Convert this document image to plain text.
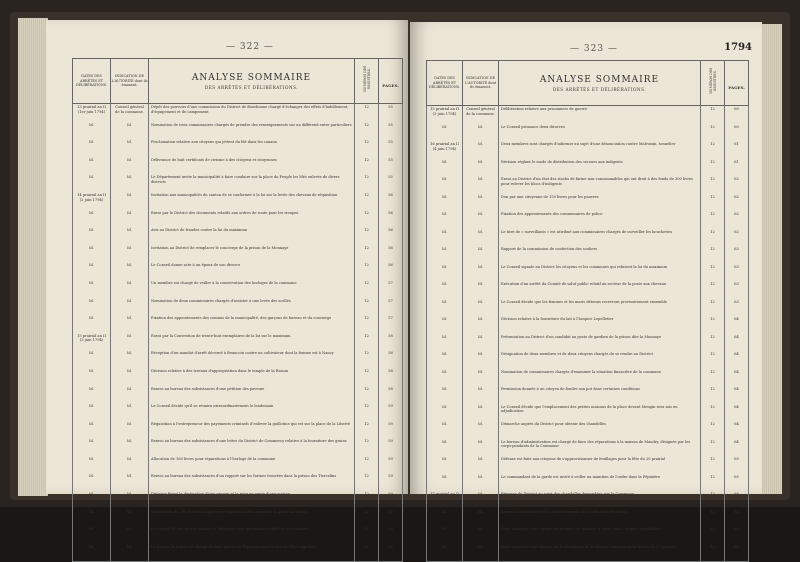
— 322 —
DATES DES ARRÊTÉS ET DÉLIBÉRATIONS.	INDICATION DE L'AUTORITÉ dont ils émanent.	ANALYSE SOMMAIRE
DES ARRÊTÉS ET DÉLIBÉRATIONS.	NUMÉROS DES REGISTRES.	PAGES.
13 prairial an II (1er juin 1794)	Conseil général de la commune.	Dépôt des pouvoirs d'une commission du District de Bourbonne chargé d'échanger des effets d'habillement, d'équipement et de campement	12	55
Id.	Id.	Nomination de trois commissaires chargés de prendre des renseignements sur un différend entre particuliers	12	55
Id.	Id.	Proclamation relative aux citoyens qui jettent du blé dans les canaux	12	55
Id.	Id.	Délivrance de huit certificats de civisme à des citoyens et citoyennes	12	55
Id.	Id.	Le Département invite la municipalité à faire conduire sur la place du Peuple les blés enlevés de divers districts	12	55
14 prairial an II (2 juin 1794)	Id.	Invitation aux municipalités du canton de se conformer à la loi sur la levée des chevaux de réquisition	12	56
Id.	Id.	Envoi par le District des documents relatifs aux ordres de route pour les troupes	12	56
Id.	Id.	Avis au District de fraudes contre la loi du maximum	12	56
Id.	Id.	Invitation au District de remplacer le concierge de la prison de la Monnaye	12	56
Id.	Id.	Le Conseil donne acte à un époux de son divorce	12	56
Id.	Id.	Un membre est chargé de veiller à la conservation des horloges de la commune	12	57
Id.	Id.	Nomination de deux commissaires chargés d'assister à une levée des scellés	12	57
Id.	Id.	Fixation des appointements des commis de la municipalité, des garçons de bureau et du concierge	12	57
15 prairial an II (3 juin 1794)	Id.	Envoi par la Convention de trente-huit exemplaires de la loi sur le maximum	12	58
Id.	Id.	Réception d'un mandat d'arrêt décerné à Beaucoin contre un cultivateur dont la femme est à Nancy	12	58
Id.	Id.	Décision relative à des travaux d'appropriation dans le temple de la Raison	12	58
Id.	Id.	Renvoi au bureau des subsistances d'une pétition des paveurs	12	58
Id.	Id.	Le Conseil décide qu'il se réunira extraordinairement le lendemain	12	59
Id.	Id.	Réquisition à l'entrepreneur des payements criminels d'enlever la guillotine qui est sur la place de la Liberté	12	59
Id.	Id.	Renvoi au bureau des subsistances d'une lettre du District de Commercy relative à la fourniture des grains	12	59
Id.	Id.	Allocation de 160 livres pour réparations à l'horloge de la commune	12	59
Id.	Id.	Renvoi au bureau des subsistances d'un rapport sur les farines trouvées dans la prison des Tiercelins	12	59
Id.	Id.	Décision fixant la destination d'une grange et la mise en vente d'une maison	12	59
Id.	Id.	Mandement de 300 livres à compte pour réparation des canons de la garde nationale	12	59
Id.	Id.	Le Conseil décide qu'une maison de détention sera spécialement affectée aux femmes	12	59
Id.	Id.	Le bureau de police est chargé de faire ajouter la Pépinière pour la fête de l'Être suprême	12	60
— 323 —	1794
DATES DES ARRÊTÉS ET DÉLIBÉRATIONS.	INDICATION DE L'AUTORITÉ dont ils émanent.	ANALYSE SOMMAIRE
DES ARRÊTÉS ET DÉLIBÉRATIONS.	NUMÉROS DES REGISTRES.	PAGES.
15 prairial an II (3 juin 1794)	Conseil général de la commune.	Délibération relative aux prisonniers de guerre	12	60
Id.	Id.	Le Conseil prononce deux divorces	12	60
16 prairial an II (4 juin 1794)	Id.	Deux membres sont chargés d'informer au sujet d'une dénonciation contre Malvoisin, tonnelier	12	61
Id.	Id.	Révision réglant le mode de distribution des secours aux indigents	12	61
Id.	Id.	Envoi au District d'un état des stocks de farine non-consommables qui ont droit à des fonds de 300 livres pour relever les blocs d'indigents	12	62
Id.	Id.	Don par une citoyenne de 150 livres pour les pauvres	12	62
Id.	Id.	Fixation des appointements des commissaires de police	12	62
Id.	Id.	Le titre de « surveillants » est attribué aux commissaires chargés de surveiller les boucheries	12	62
Id.	Id.	Rapport de la commission de confection des souliers	12	63
Id.	Id.	Le Conseil signale au District les citoyens et les communes qui refusent la loi du maximum	12	63
Id.	Id.	Exécution d'un arrêté du Comité de salut public relatif au secteur de la poste aux chevaux	12	63
Id.	Id.	Le Conseil décide que les femmes et les maris détenus recevront provisoirement ensemble	12	63
Id.	Id.	Décision relative à la fourniture du lait à l'hospice Lepelletier	12	64
Id.	Id.	Présentation au District d'un candidat au poste de gardien de la prison dite la Monnaye	12	64
Id.	Id.	Désignation de deux membres et de deux citoyens chargés de se rendre au District	12	64
Id.	Id.	Nomination de commissaires chargés d'examiner la situation financière de la commune	12	64
Id.	Id.	Permission donnée à un citoyen de fondre son pot dans certaines conditions	12	64
Id.	Id.	Le Conseil décide que l'emplacement des petites maisons de la place devant Mengin sera mis en adjudication	12	64
Id.	Id.	Démarche auprès du District pour obtenir des chandelles	12	64
Id.	Id.	Le bureau d'administration est chargé de faire des réparations à la maison de Maudry, désignée par les corps-pendants de la Commune	12	64
Id.	Id.	Défense est faite aux citoyens de s'approvisionner de feuillages pour la fête du 20 prairial	12	65
Id.	Id.	Le commandant de la garde est invité à veiller au maintien de l'ordre dans la Pépinière	12	65
17 prairial an II (5 juin 1794)	Id.	Réponse du District au sujet des chandelles demandées par la Commune	12	65
Id.	Id.	Renvoi au bureau de police d'une demande de certificat de résidence	12	65
Id.	Id.	Deux membres sont chargés de prendre les mesures d'ordre dans l'hospice Lepelletier	12	65
Id.	Id.	Deux membres sont chargés de la décoration de la Maison commune pour la fête du 20 prairial	12	66
